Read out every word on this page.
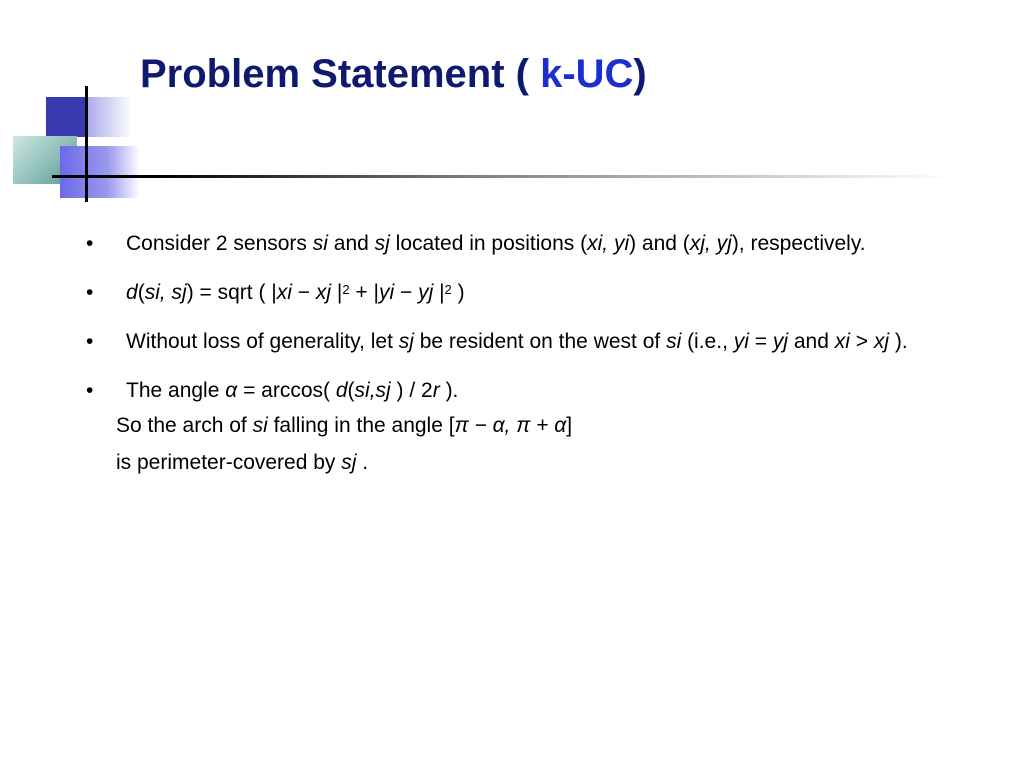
Problem Statement ( k-UC)
• Consider 2 sensors si and sj located in positions (xi, yi) and (xj, yj), respectively.
• d(si, sj) = sqrt ( |xi − xj $|^2 + |yi$ − yj $|^2$ )
• Without loss of generality, let sj be resident on the west of si (i.e., yi = yj and xi > xj ).
• The angle α = arccos( d(si,sj ) / 2r ).

So the arch of si falling in the angle [π − α, π + α]

is perimeter-covered by sj .
